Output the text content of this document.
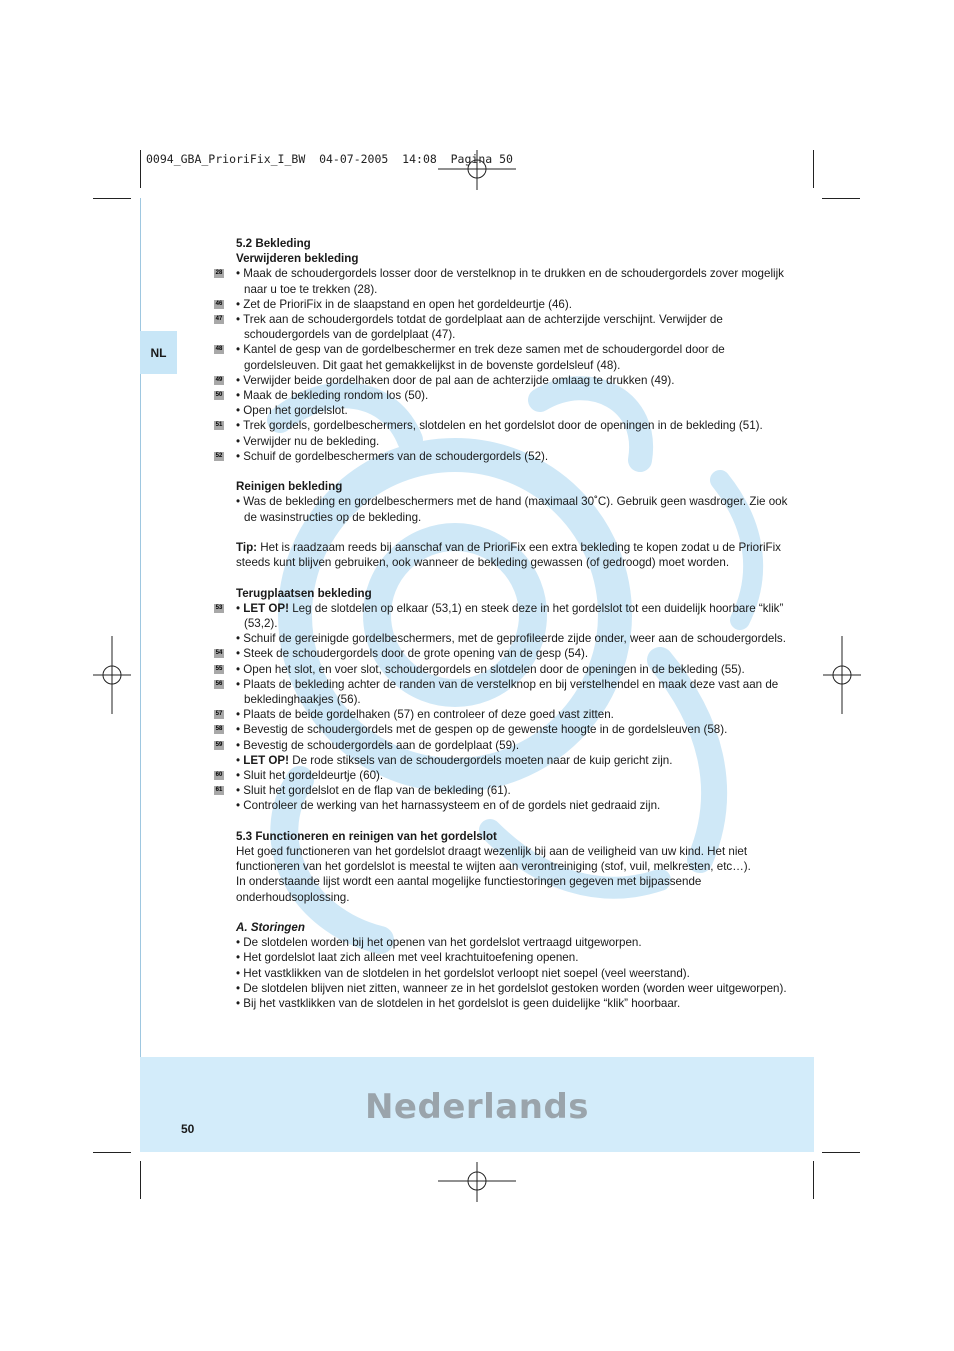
0094_GBA_PrioriFix_I_BW  04-07-2005  14:08  Pagina 50
NL
5.2 Bekleding
Verwijderen bekleding
28 • Maak de schoudergordels losser door de verstelknop in te drukken en de schoudergordels zover mogelijk naar u toe te trekken (28).
46 • Zet de PrioriFix in de slaapstand en open het gordeldeurtje (46).
47 • Trek aan de schoudergordels totdat de gordelplaat aan de achterzijde verschijnt. Verwijder de schoudergordels van de gordelplaat (47).
48 • Kantel de gesp van de gordelbeschermer en trek deze samen met de schoudergordel door de gordelsleuven. Dit gaat het gemakkelijkst in de bovenste gordelsleuf (48).
49 • Verwijder beide gordelhaken door de pal aan de achterzijde omlaag te drukken (49).
50 • Maak de bekleding rondom los (50).
• Open het gordelslot.
51 • Trek gordels, gordelbeschermers, slotdelen en het gordelslot door de openingen in de bekleding (51).
• Verwijder nu de bekleding.
52 • Schuif de gordelbeschermers van de schoudergordels (52).
Reinigen bekleding
• Was de bekleding en gordelbeschermers met de hand (maximaal 30˚C). Gebruik geen wasdroger. Zie ook de wasinstructies op de bekleding.

Tip: Het is raadzaam reeds bij aanschaf van de PrioriFix een extra bekleding te kopen zodat u de PrioriFix steeds kunt blijven gebruiken, ook wanneer de bekleding gewassen (of gedroogd) moet worden.

Terugplaatsen bekleding
53 • LET OP! Leg de slotdelen op elkaar (53,1) en steek deze in het gordelslot tot een duidelijk hoorbare “klik” (53,2).
• Schuif de gereinigde gordelbeschermers, met de geprofileerde zijde onder, weer aan de schoudergordels.
54 • Steek de schoudergordels door de grote opening van de gesp (54).
55 • Open het slot, en voer slot, schoudergordels en slotdelen door de openingen in de bekleding (55).
56 • Plaats de bekleding achter de randen van de verstelknop en bij verstelhendel en maak deze vast aan de bekledinghaakjes (56).
57 • Plaats de beide gordelhaken (57) en controleer of deze goed vast zitten.
58 • Bevestig de schoudergordels met de gespen op de gewenste hoogte in de gordelsleuven (58).
59 • Bevestig de schoudergordels aan de gordelplaat (59).
• LET OP! De rode stiksels van de schoudergordels moeten naar de kuip gericht zijn.
60 • Sluit het gordeldeurtje (60).
61 • Sluit het gordelslot en de flap van de bekleding (61).
• Controleer de werking van het harnassysteem en of de gordels niet gedraaid zijn.
5.3 Functioneren en reinigen van het gordelslot

Het goed functioneren van het gordelslot draagt wezenlijk bij aan de veiligheid van uw kind. Het niet functioneren van het gordelslot is meestal te wijten aan verontreiniging (stof, vuil, melkresten, etc…).

In onderstaande lijst wordt een aantal mogelijke functiestoringen gegeven met bijpassende onderhoudsoplossing.

A. Storingen
• De slotdelen worden bij het openen van het gordelslot vertraagd uitgeworpen.
• Het gordelslot laat zich alleen met veel krachtuitoefening openen.
• Het vastklikken van de slotdelen in het gordelslot verloopt niet soepel (veel weerstand).
• De slotdelen blijven niet zitten, wanneer ze in het gordelslot gestoken worden (worden weer uitgeworpen).
• Bij het vastklikken van de slotdelen in het gordelslot is geen duidelijke “klik” hoorbaar.
Nederlands
50
